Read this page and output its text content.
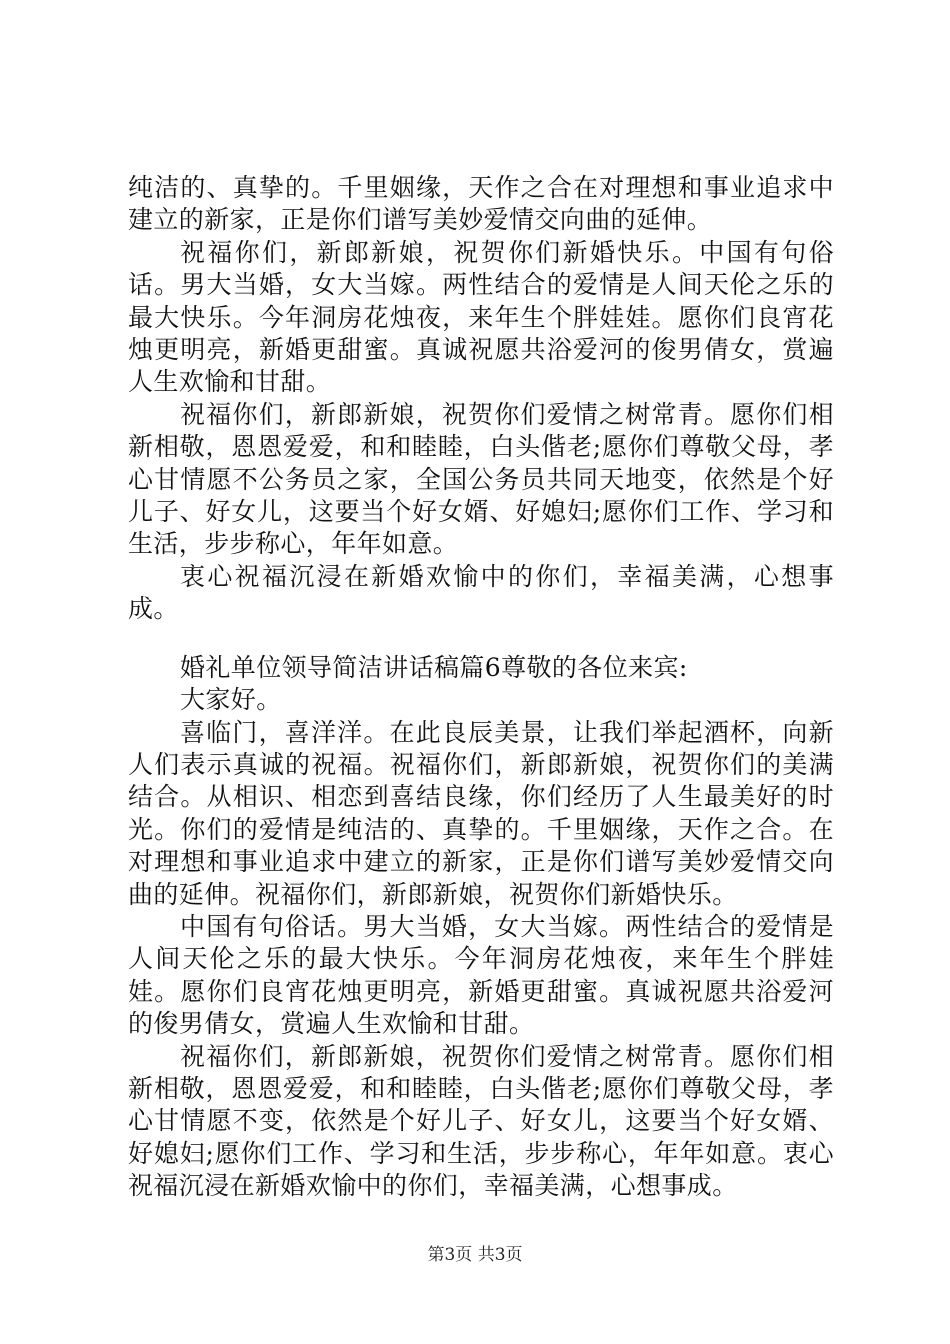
纯洁的、真挚的。千里姻缘，天作之合在对理想和事业追求中建立的新家，正是你们谱写美妙爱情交向曲的延伸。

祝福你们，新郎新娘，祝贺你们新婚快乐。中国有句俗话。男大当婚，女大当嫁。两性结合的爱情是人间天伦之乐的最大快乐。今年洞房花烛夜，来年生个胖娃娃。愿你们良宵花烛更明亮，新婚更甜蜜。真诚祝愿共浴爱河的俊男倩女，赏遍人生欢愉和甘甜。

祝福你们，新郎新娘，祝贺你们爱情之树常青。愿你们相新相敬，恩恩爱爱，和和睦睦，白头偕老;愿你们尊敬父母，孝心甘情愿不公务员之家，全国公务员共同天地变，依然是个好儿子、好女儿，这要当个好女婿、好媳妇;愿你们工作、学习和生活，步步称心，年年如意。

衷心祝福沉浸在新婚欢愉中的你们，幸福美满，心想事成。

婚礼单位领导简洁讲话稿篇6尊敬的各位来宾:

大家好。

喜临门，喜洋洋。在此良辰美景，让我们举起酒杯，向新人们表示真诚的祝福。祝福你们，新郎新娘，祝贺你们的美满结合。从相识、相恋到喜结良缘，你们经历了人生最美好的时光。你们的爱情是纯洁的、真挚的。千里姻缘，天作之合。在对理想和事业追求中建立的新家，正是你们谱写美妙爱情交向曲的延伸。祝福你们，新郎新娘，祝贺你们新婚快乐。

中国有句俗话。男大当婚，女大当嫁。两性结合的爱情是人间天伦之乐的最大快乐。今年洞房花烛夜，来年生个胖娃娃。愿你们良宵花烛更明亮，新婚更甜蜜。真诚祝愿共浴爱河的俊男倩女，赏遍人生欢愉和甘甜。

祝福你们，新郎新娘，祝贺你们爱情之树常青。愿你们相新相敬，恩恩爱爱，和和睦睦，白头偕老;愿你们尊敬父母，孝心甘情愿不变，依然是个好儿子、好女儿，这要当个好女婿、好媳妇;愿你们工作、学习和生活，步步称心，年年如意。衷心祝福沉浸在新婚欢愉中的你们，幸福美满，心想事成。

第3页 共3页
